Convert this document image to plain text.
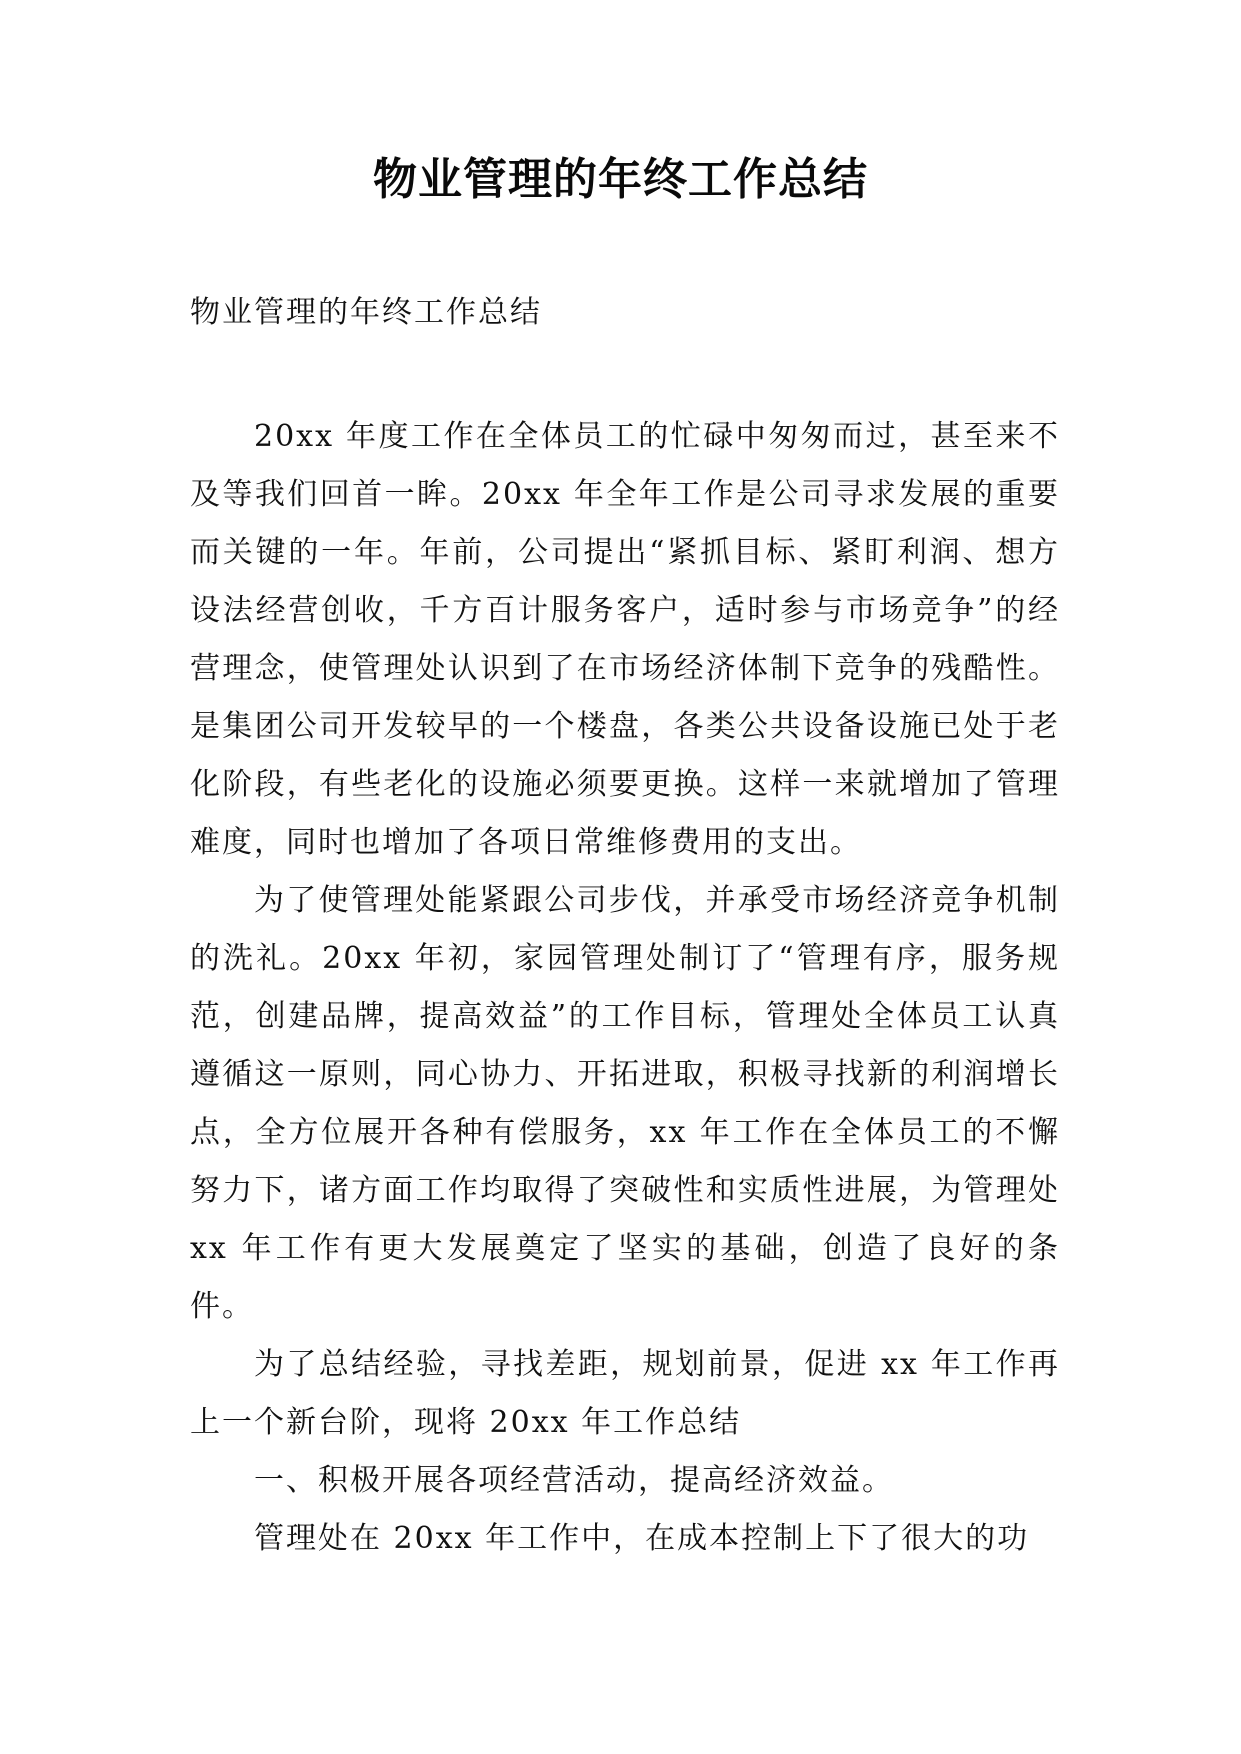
物业管理的年终工作总结
物业管理的年终工作总结

20xx 年度工作在全体员工的忙碌中匆匆而过，甚至来不及等我们回首一眸。20xx 年全年工作是公司寻求发展的重要而关键的一年。年前，公司提出“紧抓目标、紧盯利润、想方设法经营创收，千方百计服务客户，适时参与市场竞争”的经营理念，使管理处认识到了在市场经济体制下竞争的残酷性。是集团公司开发较早的一个楼盘，各类公共设备设施已处于老化阶段，有些老化的设施必须要更换。这样一来就增加了管理难度，同时也增加了各项日常维修费用的支出。

为了使管理处能紧跟公司步伐，并承受市场经济竞争机制的洗礼。20xx 年初，家园管理处制订了“管理有序，服务规范，创建品牌，提高效益”的工作目标，管理处全体员工认真遵循这一原则，同心协力、开拓进取，积极寻找新的利润增长点，全方位展开各种有偿服务，xx 年工作在全体员工的不懈努力下，诸方面工作均取得了突破性和实质性进展，为管理处 xx 年工作有更大发展奠定了坚实的基础，创造了良好的条件。

为了总结经验，寻找差距，规划前景，促进 xx 年工作再上一个新台阶，现将 20xx 年工作总结

一、积极开展各项经营活动，提高经济效益。

管理处在 20xx 年工作中，在成本控制上下了很大的功
